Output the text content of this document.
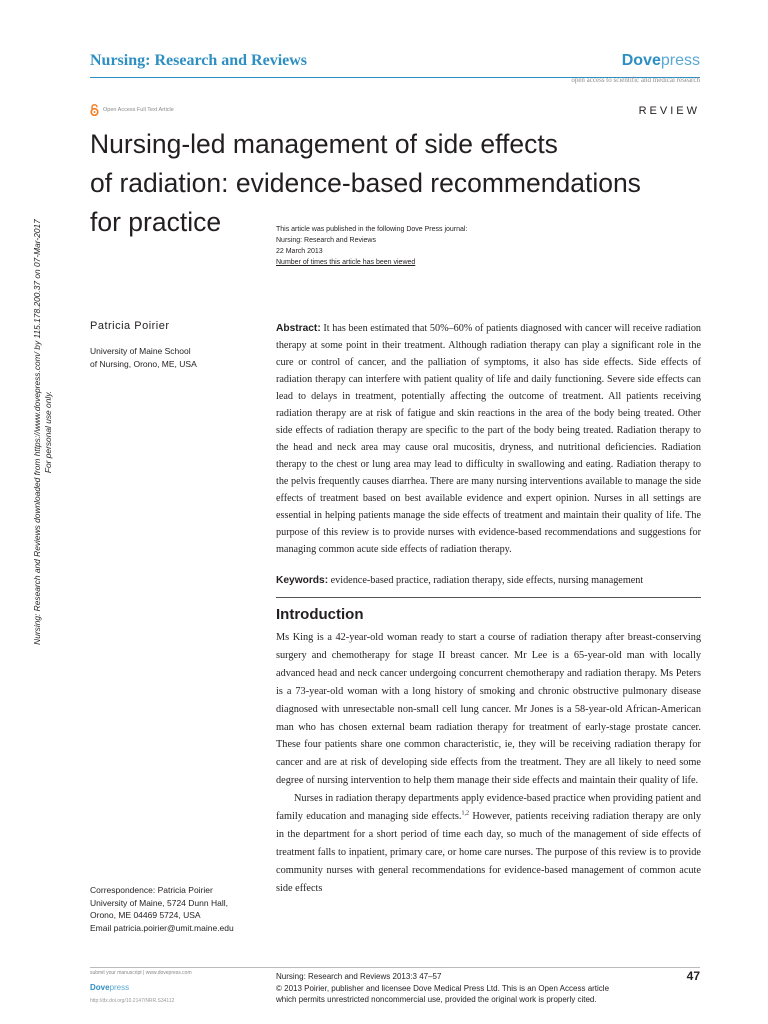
Nursing: Research and Reviews	Dovepress
open access to scientific and medical research
Open Access Full Text Article	REVIEW
Nursing-led management of side effects
of radiation: evidence-based recommendations
for practice	This article was published in the following Dove Press journal:
Nursing: Research and Reviews
22 March 2013
Number of times this article has been viewed
Patricia Poirier
University of Maine School
of Nursing, Orono, ME, USA

Abstract: It has been estimated that 50%–60% of patients diagnosed with cancer will receive radiation therapy at some point in their treatment. Although radiation therapy can play a significant role in the cure or control of cancer, and the palliation of symptoms, it also has side effects. Side effects of radiation therapy can interfere with patient quality of life and daily functioning. Severe side effects can lead to delays in treatment, potentially affecting the outcome of treatment. All patients receiving radiation therapy are at risk of fatigue and skin reactions in the area of the body being treated. Other side effects of radiation therapy are specific to the part of the body being treated. Radiation therapy to the head and neck area may cause oral mucositis, dryness, and nutritional deficiencies. Radiation therapy to the chest or lung area may lead to difficulty in swallowing and eating. Radiation therapy to the pelvis frequently causes diarrhea. There are many nursing interventions available to manage the side effects of treatment based on best available evidence and expert opinion. Nurses in all settings are essential in helping patients manage the side effects of treatment and maintain their quality of life. The purpose of this review is to provide nurses with evidence-based recommendations and suggestions for managing common acute side effects of radiation therapy.

Keywords: evidence-based practice, radiation therapy, side effects, nursing management

Introduction

Ms King is a 42-year-old woman ready to start a course of radiation therapy after breast-conserving surgery and chemotherapy for stage II breast cancer. Mr Lee is a 65-year-old man with locally advanced head and neck cancer undergoing concurrent chemotherapy and radiation therapy. Ms Peters is a 73-year-old woman with a long history of smoking and chronic obstructive pulmonary disease diagnosed with unresectable non-small cell lung cancer. Mr Jones is a 58-year-old African-American man who has chosen external beam radiation therapy for treatment of early-stage prostate cancer. These four patients share one common characteristic, ie, they will be receiving radiation therapy for cancer and are at risk of developing side effects from the treatment. They are all likely to need some degree of nursing intervention to help them manage their side effects and maintain their quality of life.

Nurses in radiation therapy departments apply evidence-based practice when providing patient and family education and managing side effects.$^{1,2}$ However, patients receiving radiation therapy are only in the department for a short period of time each day, so much of the management of side effects of treatment falls to inpatient, primary care, or home care nurses. The purpose of this review is to provide community nurses with general recommendations for evidence-based management of common acute side effects

Correspondence: Patricia Poirier
University of Maine, 5724 Dunn Hall,
Orono, ME 04469 5724, USA
Email patricia.poirier@umit.maine.edu
Nursing: Research and Reviews downloaded from https://www.dovepress.com/ by 115.178.200.37 on 07-Mar-2017 For personal use only.
submit your manuscript | www.dovepress.com
Dovepress
http://dx.doi.org/10.2147/NRR.S34112
Nursing: Research and Reviews 2013:3 47–57
© 2013 Poirier, publisher and licensee Dove Medical Press Ltd. This is an Open Access article
which permits unrestricted noncommercial use, provided the original work is properly cited.
47
